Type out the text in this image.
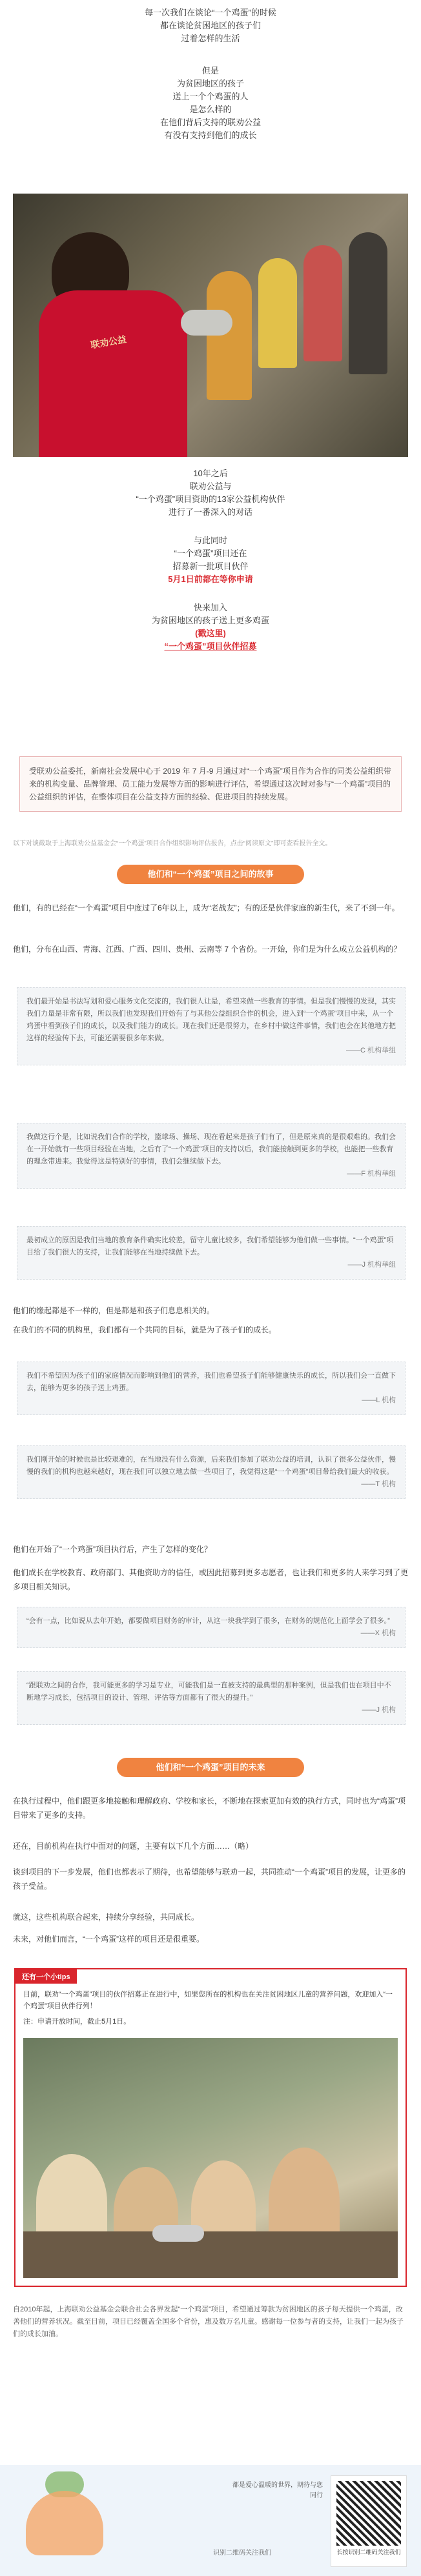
每一次我们在谈论“一个鸡蛋”的时候

都在谈论贫困地区的孩子们

过着怎样的生活

但是

为贫困地区的孩子

送上一个个鸡蛋的人

是怎么样的

在他们背后支持的联劝公益

有没有支持到他们的成长

联劝公益

10年之后

联劝公益与

“一个鸡蛋”项目资助的13家公益机构伙伴

进行了一番深入的对话

与此同时

“一个鸡蛋”项目还在

招募新一批项目伙伴

5月1日前都在等你申请

快来加入

为贫困地区的孩子送上更多鸡蛋

(戳这里)

“一个鸡蛋”项目伙伴招募

受联劝公益委托，新南社会发展中心于 2019 年 7 月-9 月通过对“一个鸡蛋”项目作为合作的同类公益组织带来的机构变量、品牌管理、员工能力发展等方面的影响进行评估，希望通过这次时对参与“一个鸡蛋”项目的公益组织的评估，在整体项目在公益支持方面的经验、促进项目的持续发展。
以下对谈截取于上海联劝公益基金会“一个鸡蛋”项目合作组织影响评估报告，点击“阅读原文”即可查看报告全文。
他们和“一个鸡蛋”项目之间的故事
他们，有的已经在“一个鸡蛋”项目中度过了6年以上，成为“老战友”；有的还是伙伴家庭的新生代，来了不到一年。
他们，分布在山西、青海、江西、广西、四川、贵州、云南等 7 个省份。一开始，你们是为什么成立公益机构的？
我们最开始是书法写划和爱心服务文化交流的，我们很人让是，希望来做一些教育的事情。但是我们慢慢的发现，其实我们力量是非常有限，所以我们也发现我们开始有了与其他公益组织合作的机会，进入到“一个鸡蛋”项目中来，从一个鸡蛋中看到孩子们的成长，以及我们能力的成长。现在我们还是很努力，在乡村中做这件事情，我们也会在其他地方把这样的经验传下去，可能还需要很多年来做。
——C 机构举组
我做这行个是，比如说我们合作的学校，篮球场、操场、现在看起来是孩子们有了，但是原来真的是很艰难的。我们会在一开始就有一些项目经验在当地，之后有了“一个鸡蛋”项目的支持以后，我们能接触到更多的学校，也能把一些教育的理念带进来。我觉得这是特别好的事情，我们会继续做下去。
——F 机构举组
最初成立的原因是我们当地的教育条件确实比较差，留守儿童比较多，我们希望能够为他们做一些事情。“一个鸡蛋”项目给了我们很大的支持，让我们能够在当地持续做下去。
——J 机构举组
他们的缘起都是不一样的，但是都是和孩子们息息相关的。
在我们的不同的机构里，我们都有一个共同的目标，就是为了孩子们的成长。
我们不希望因为孩子们的家庭情况而影响到他们的营养，我们也希望孩子们能够健康快乐的成长，所以我们会一直做下去，能够为更多的孩子送上鸡蛋。
——L 机构
我们刚开始的时候也是比较艰难的，在当地没有什么资源，后来我们参加了联劝公益的培训，认识了很多公益伙伴，慢慢的我们的机构也越来越好，现在我们可以独立地去做一些项目了，我觉得这是“一个鸡蛋”项目带给我们最大的收获。
——T 机构
他们在开始了“一个鸡蛋”项目执行后，产生了怎样的变化？
他们成长在学校教育、政府部门、其他资助方的信任，或因此招募到更多志愿者，也让我们和更多的人来学习到了更多项目相关知识。
“会有一点，比如说从去年开始，都要做项目财务的审计，从这一块我学到了很多，在财务的规范化上面学会了很多。”
——X 机构
“跟联劝之间的合作，我可能更多的学习是专业，可能我们是一直被支持的最典型的那种案例，但是我们也在项目中不断地学习成长，包括项目的设计、管理、评估等方面都有了很大的提升。”
——J 机构
他们和“一个鸡蛋”项目的未来
在执行过程中，他们跟更多地接触和理解政府、学校和家长，不断地在探索更加有效的执行方式，同时也为“鸡蛋”项目带来了更多的支持。
还在，目前机构在执行中面对的问题，主要有以下几个方面……（略）
谈到项目的下一步发展，他们也都表示了期待，也希望能够与联劝一起，共同推动“一个鸡蛋”项目的发展，让更多的孩子受益。
就这，这些机构联合起来，持续分享经验，共同成长。
未来，对他们而言，“一个鸡蛋”这样的项目还是很重要。
还有一个小tips
目前，联劝“一个鸡蛋”项目的伙伴招募正在进行中，如果您所在的机构也在关注贫困地区儿童的营养问题，欢迎加入“一个鸡蛋”项目伙伴行列！
注：申请开放时间，截止5月1日。
自2010年起，上海联劝公益基金会联合社会各界发起“一个鸡蛋”项目，希望通过筹款为贫困地区的孩子每天提供一个鸡蛋，改善他们的营养状况。截至目前，项目已经覆盖全国多个省份，惠及数万名儿童。感谢每一位参与者的支持，让我们一起为孩子们的成长加油。
都是爱心温暖的世界，期待与您同行
识别二维码关注我们	长按识别二维码关注我们
